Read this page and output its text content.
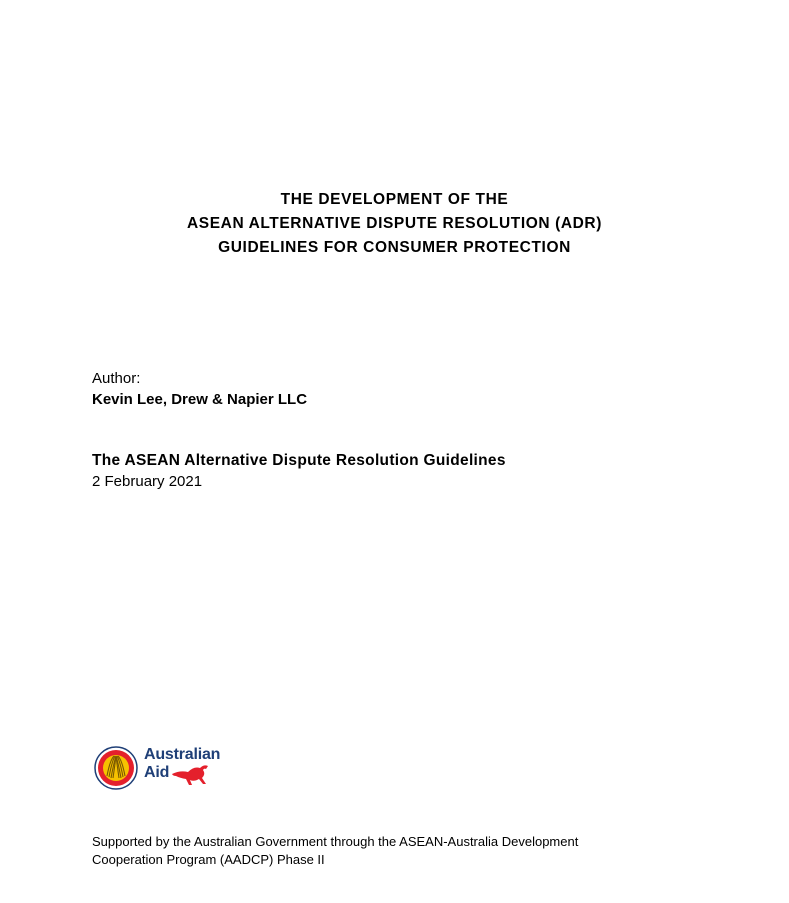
THE DEVELOPMENT OF THE
ASEAN ALTERNATIVE DISPUTE RESOLUTION (ADR)
GUIDELINES FOR CONSUMER PROTECTION
Author:
Kevin Lee, Drew & Napier LLC
The ASEAN Alternative Dispute Resolution Guidelines
2 February 2021
Australian
Aid
Supported by the Australian Government through the ASEAN-Australia Development
Cooperation Program (AADCP) Phase II
